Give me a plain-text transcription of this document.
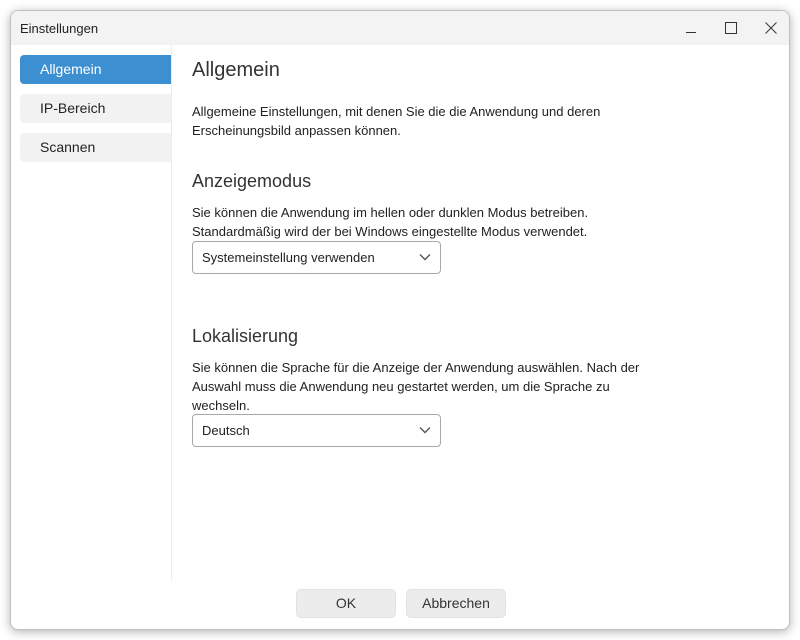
Einstellungen
Allgemein
IP-Bereich
Scannen
Allgemein
Allgemeine Einstellungen, mit denen Sie die die Anwendung und deren
Erscheinungsbild anpassen können.
Anzeigemodus
Sie können die Anwendung im hellen oder dunklen Modus betreiben.
Standardmäßig wird der bei Windows eingestellte Modus verwendet.
Systemeinstellung verwenden
Lokalisierung
Sie können die Sprache für die Anzeige der Anwendung auswählen. Nach der
Auswahl muss die Anwendung neu gestartet werden, um die Sprache zu
wechseln.
Deutsch
OK	Abbrechen
